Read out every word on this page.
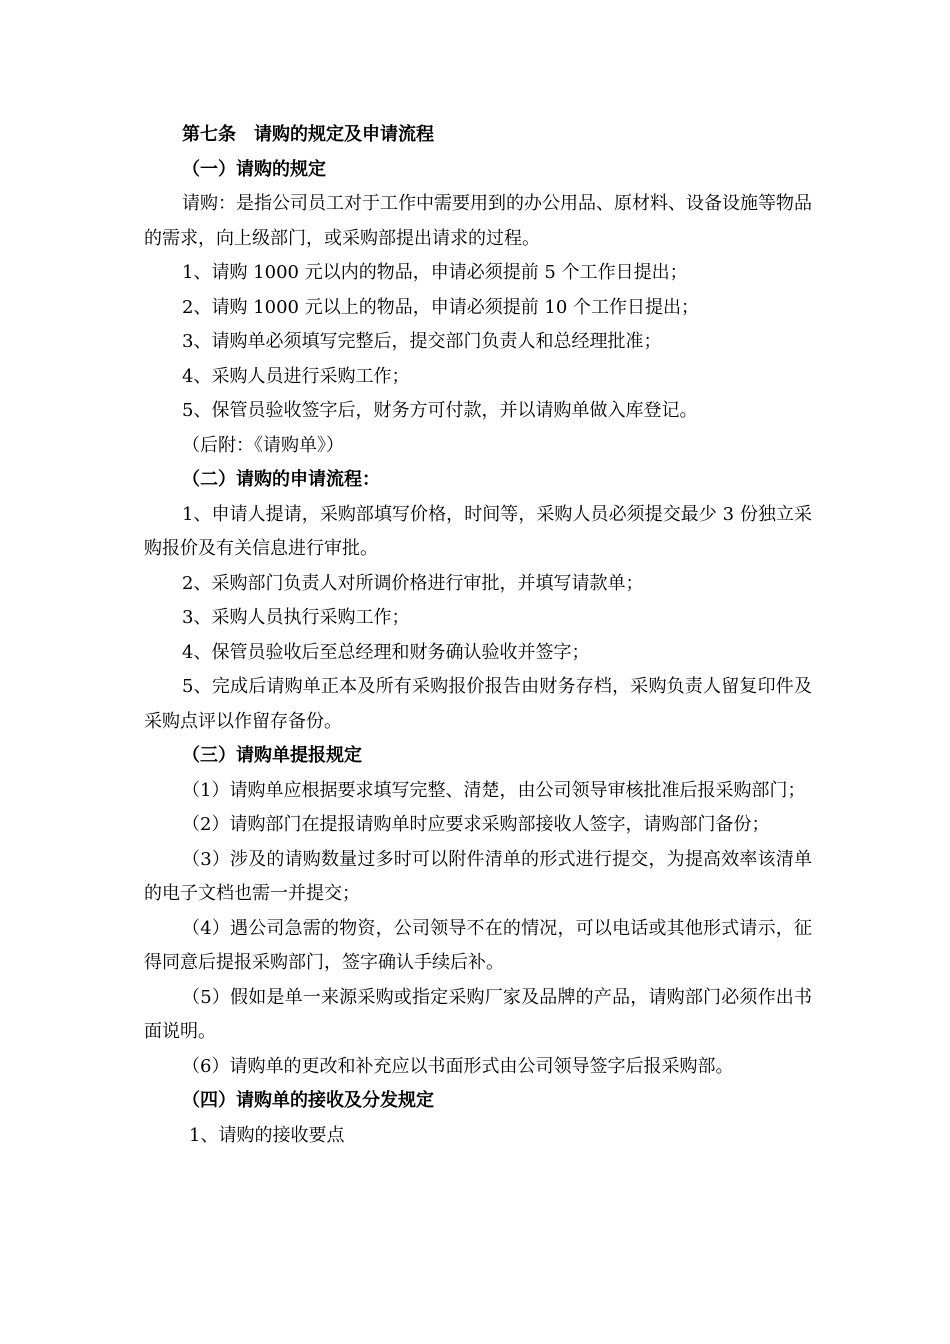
第七条　请购的规定及申请流程

（一）请购的规定

请购：是指公司员工对于工作中需要用到的办公用品、原材料、设备设施等物品的需求，向上级部门，或采购部提出请求的过程。

1、请购 1000 元以内的物品，申请必须提前 5 个工作日提出；

2、请购 1000 元以上的物品，申请必须提前 10 个工作日提出；

3、请购单必须填写完整后，提交部门负责人和总经理批准；

4、采购人员进行采购工作；

5、保管员验收签字后，财务方可付款，并以请购单做入库登记。

（后附：《请购单》）

（二）请购的申请流程：

1、申请人提请，采购部填写价格，时间等，采购人员必须提交最少 3 份独立采购报价及有关信息进行审批。

2、采购部门负责人对所调价格进行审批，并填写请款单；

3、采购人员执行采购工作；

4、保管员验收后至总经理和财务确认验收并签字；

5、完成后请购单正本及所有采购报价报告由财务存档，采购负责人留复印件及采购点评以作留存备份。

（三）请购单提报规定

（1）请购单应根据要求填写完整、清楚，由公司领导审核批准后报采购部门；

（2）请购部门在提报请购单时应要求采购部接收人签字，请购部门备份；

（3）涉及的请购数量过多时可以附件清单的形式进行提交，为提高效率该清单的电子文档也需一并提交；

（4）遇公司急需的物资，公司领导不在的情况，可以电话或其他形式请示，征得同意后提报采购部门，签字确认手续后补。

（5）假如是单一来源采购或指定采购厂家及品牌的产品，请购部门必须作出书面说明。

（6）请购单的更改和补充应以书面形式由公司领导签字后报采购部。

（四）请购单的接收及分发规定

1、请购的接收要点
